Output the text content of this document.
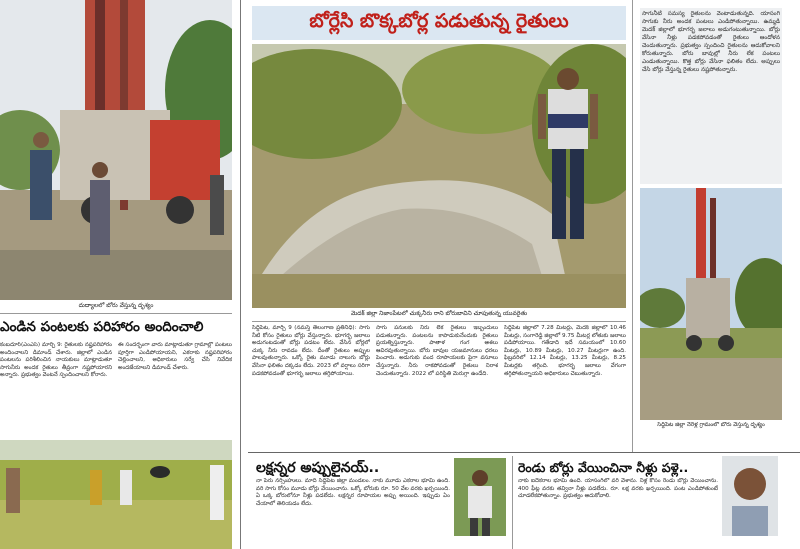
దుద్యాలలో బోరు వేస్తున్న దృశ్యం
ఎండిన పంటలకు పరిహారం అందించాలి
కంబదూర్(ఎంఎస్) మార్చి 9: రైతులకు నష్టపరిహారం అందించాలని డిమాండ్ చేశారు. జిల్లాలో ఎండిన పంటలను పరిశీలించిన నాయకులు మాట్లాడుతూ సాగునీరు అందక రైతులు తీవ్రంగా నష్టపోయారని అన్నారు. ప్రభుత్వం వెంటనే స్పందించాలని కోరారు.
ఈ సందర్భంగా వారు మాట్లాడుతూ గ్రామాల్లో పంటలు పూర్తిగా ఎండిపోయాయని, ఎకరాకు నష్టపరిహారం చెల్లించాలని, అధికారులు సర్వే చేసి నివేదిక అందజేయాలని డిమాండ్ చేశారు.
బోర్లేసి బొక్కబోర్ల పడుతున్న రైతులు
మెదక్ జిల్లా నిజాంపేటలో చుక్కనీరు రాని బోరుబావిని చూపుతున్న యువరైతు
సిద్దిపేట, మార్చి 9 (నమస్తే తెలంగాణ ప్రతినిధి): సాగు నీటి కోసం రైతులు బోర్లు వేస్తున్నారు. భూగర్భ జలాలు అడుగంటడంతో బోర్లు పడటం లేదు. వేసిన బోర్లలో చుక్క నీరు రావడం లేదు. దీంతో రైతులు అప్పుల పాలవుతున్నారు. ఒక్కో రైతు మూడు నాలుగు బోర్లు వేసినా ఫలితం దక్కడం లేదు. 2023 లో వర్షాలు సరిగా పడకపోవడంతో భూగర్భ జలాలు తగ్గిపోయాయి.
సాగు పనులకు నీరు లేక రైతులు ఇబ్బందులు పడుతున్నారు. పంటలను కాపాడుకునేందుకు రైతులు ప్రయత్నిస్తున్నారు. పాతాళ గంగ ఆశలు ఆవిరవుతున్నాయి. బోరు బావుల యజమానులు ధరలు పెంచారు. అడుగుకు వంద రూపాయలకు పైగా వసూలు చేస్తున్నారు. నీరు రాకపోవడంతో రైతులు నిరాశ చెందుతున్నారు. 2022 లో పరిస్థితి మెరుగ్గా ఉండేది.
సిద్దిపేట జిల్లాలో 7.28 మీటర్లు, మెదక్ జిల్లాలో 10.46 మీటర్లు, సంగారెడ్డి జిల్లాలో 9.75 మీటర్ల లోతుకు జలాలు పడిపోయాయి. గతేడాది ఇదే సమయంలో 10.60 మీటర్లు, 10.89 మీటర్లు, 10.27 మీటర్లుగా ఉంది. ఫిబ్రవరిలో 12.14 మీటర్లు, 13.25 మీటర్లు, 8.25 మీటర్లకు తగ్గింది. భూగర్భ జలాలు వేగంగా తగ్గిపోతున్నాయని అధికారులు చెబుతున్నారు.
లక్షన్నర అప్పులైనయ్..
నా పేరు నర్సింహులు. మాది సిద్దిపేట జిల్లా మండలం. నాకు మూడు ఎకరాల భూమి ఉంది. వరి సాగు కోసం మూడు బోర్లు వేయించాను. ఒక్కో బోరుకు రూ. 50 వేల వరకు ఖర్చయింది. ఏ ఒక్క బోరులోనూ నీళ్లు పడలేదు. లక్షన్నర రూపాయల అప్పు అయింది. ఇప్పుడు ఏం చేయాలో తెలియడం లేదు.
రెండు బోర్లు వేయించినా నీళ్లు పళ్లె..
నాకు ఐదెకరాల భూమి ఉంది. యాసంగిలో వరి వేశాను. నీళ్ల కోసం రెండు బోర్లు వేయించాను. 400 ఫీట్ల వరకు తవ్వినా నీళ్లు పడలేదు. రూ. లక్ష వరకు ఖర్చయింది. పంట ఎండిపోతుంటే చూడలేకపోతున్నాం. ప్రభుత్వం ఆదుకోవాలి.
సాగునీటి సమస్య రైతులను వెంటాడుతున్నది. యాసంగి సాగుకు నీరు అందక పంటలు ఎండిపోతున్నాయి. ఉమ్మడి మెదక్ జిల్లాలో భూగర్భ జలాలు అడుగంటుతున్నాయి. బోర్లు వేసినా నీళ్లు పడకపోవడంతో రైతులు ఆందోళన చెందుతున్నారు. ప్రభుత్వం స్పందించి రైతులను ఆదుకోవాలని కోరుతున్నారు. బోరు బావుల్లో నీరు లేక పంటలు ఎండుతున్నాయి. కొత్త బోర్లు వేసినా ఫలితం లేదు. అప్పులు చేసి బోర్లు వేస్తున్న రైతులు నష్టపోతున్నారు.
సిద్దిపేట జిల్లా నేరెళ్ల గ్రామంలో బోరు వేస్తున్న దృశ్యం
